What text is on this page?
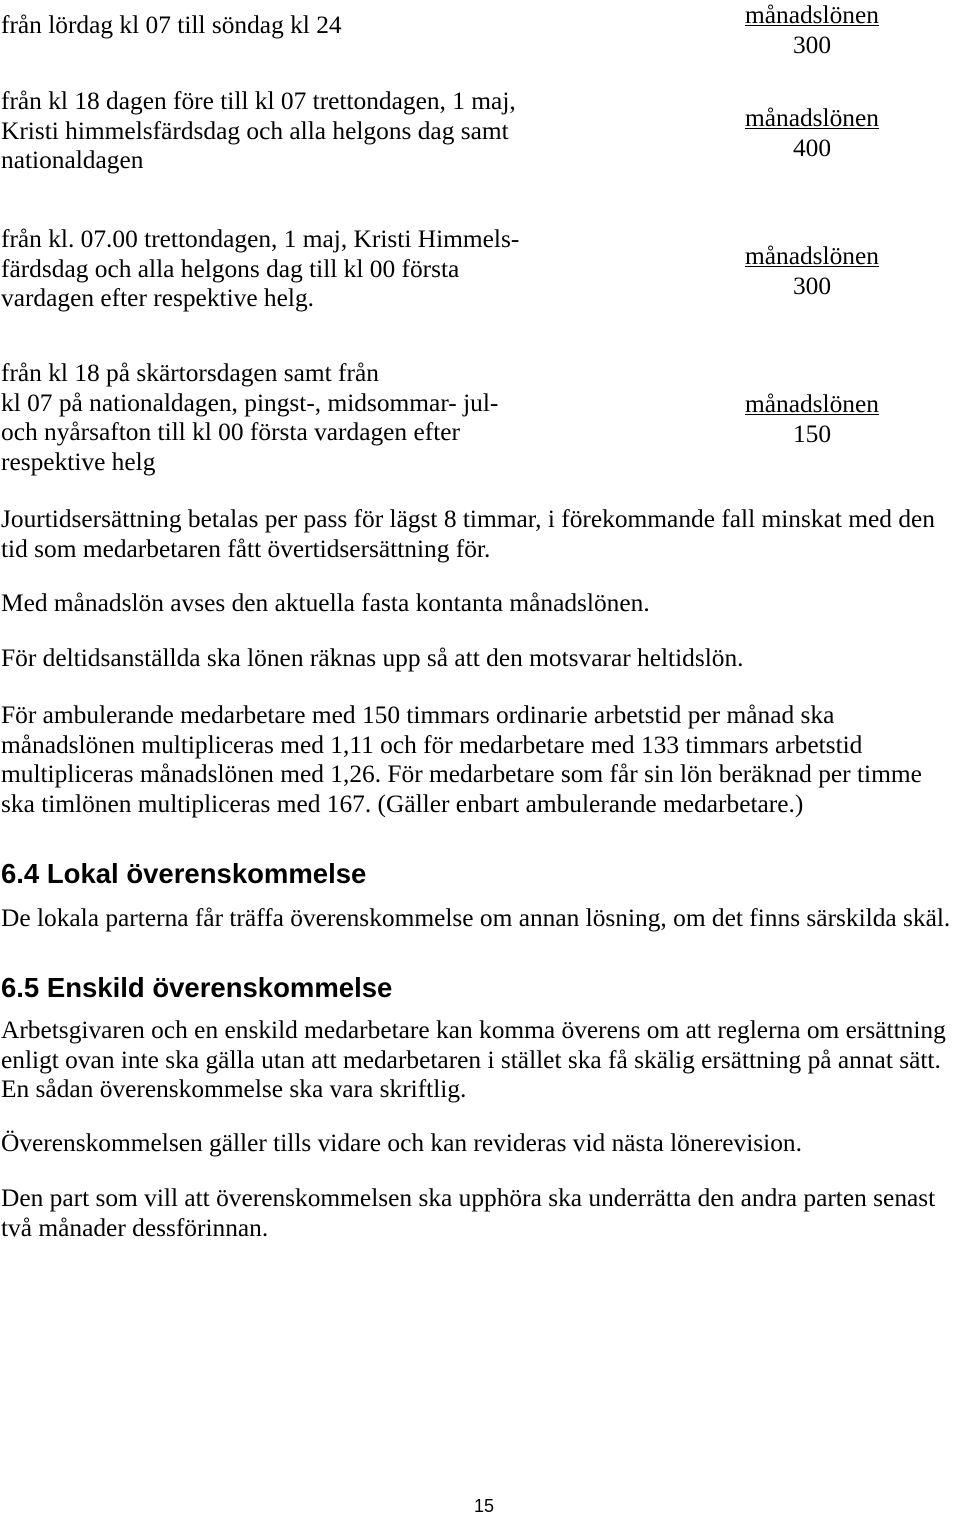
från lördag kl 07 till söndag kl 24	månadslönen
300
från kl 18 dagen före till kl 07 trettondagen, 1 maj,
Kristi himmelsfärdsdag och alla helgons dag samt
nationaldagen
månadslönen
400
från kl. 07.00 trettondagen, 1 maj, Kristi Himmels-
färdsdag och alla helgons dag till kl 00 första
vardagen efter respektive helg.
månadslönen
300
från kl 18 på skärtorsdagen samt från
kl 07 på nationaldagen, pingst-, midsommar- jul-
och nyårsafton till kl 00 första vardagen efter
respektive helg
månadslönen
150
Jourtidsersättning betalas per pass för lägst 8 timmar, i förekommande fall minskat med den
tid som medarbetaren fått övertidsersättning för.
Med månadslön avses den aktuella fasta kontanta månadslönen.
För deltidsanställda ska lönen räknas upp så att den motsvarar heltidslön.
För ambulerande medarbetare med 150 timmars ordinarie arbetstid per månad ska
månadslönen multipliceras med 1,11 och för medarbetare med 133 timmars arbetstid
multipliceras månadslönen med 1,26. För medarbetare som får sin lön beräknad per timme
ska timlönen multipliceras med 167. (Gäller enbart ambulerande medarbetare.)
6.4 Lokal överenskommelse
De lokala parterna får träffa överenskommelse om annan lösning, om det finns särskilda skäl.
6.5 Enskild överenskommelse
Arbetsgivaren och en enskild medarbetare kan komma överens om att reglerna om ersättning
enligt ovan inte ska gälla utan att medarbetaren i stället ska få skälig ersättning på annat sätt.
En sådan överenskommelse ska vara skriftlig.
Överenskommelsen gäller tills vidare och kan revideras vid nästa lönerevision.
Den part som vill att överenskommelsen ska upphöra ska underrätta den andra parten senast
två månader dessförinnan.
15
